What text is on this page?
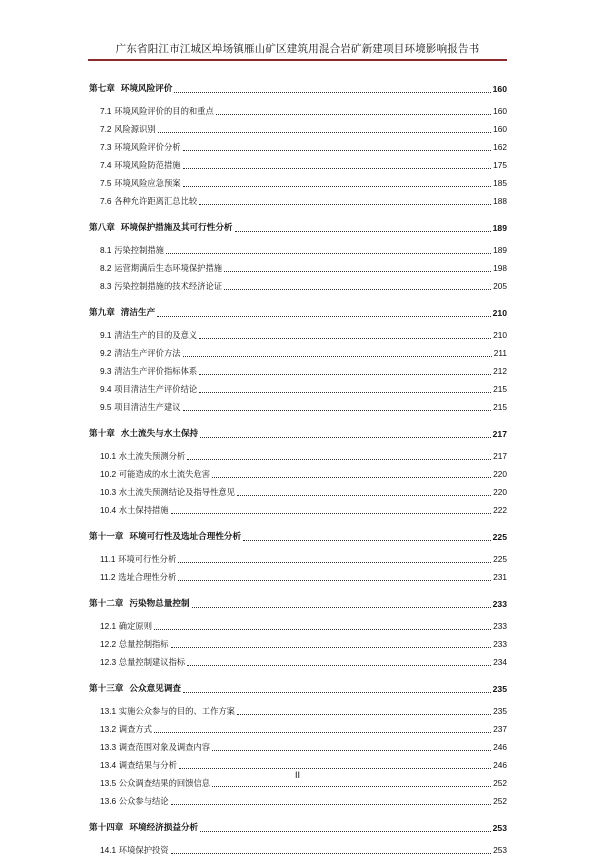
广东省阳江市江城区埠场镇雁山矿区建筑用混合岩矿新建项目环境影响报告书
第七章 环境风险评价	160
7.1 环境风险评价的目的和重点	160
7.2 风险源识别	160
7.3 环境风险评价分析	162
7.4 环境风险防范措施	175
7.5 环境风险应急预案	185
7.6 各种允许距离汇总比较	188
第八章 环境保护措施及其可行性分析	189
8.1 污染控制措施	189
8.2 运营期满后生态环境保护措施	198
8.3 污染控制措施的技术经济论证	205
第九章 清洁生产	210
9.1 清洁生产的目的及意义	210
9.2 清洁生产评价方法	211
9.3 清洁生产评价指标体系	212
9.4 项目清洁生产评价结论	215
9.5 项目清洁生产建议	215
第十章 水土流失与水土保持	217
10.1 水土流失预测分析	217
10.2 可能造成的水土流失危害	220
10.3 水土流失预测结论及指导性意见	220
10.4 水土保持措施	222
第十一章 环境可行性及选址合理性分析	225
11.1 环境可行性分析	225
11.2 选址合理性分析	231
第十二章 污染物总量控制	233
12.1 确定原则	233
12.2 总量控制指标	233
12.3 总量控制建议指标	234
第十三章 公众意见调查	235
13.1 实施公众参与的目的、工作方案	235
13.2 调查方式	237
13.3 调查范围对象及调查内容	246
13.4 调查结果与分析	246
13.5 公众调查结果的回馈信息	252
13.6 公众参与结论	252
第十四章 环境经济损益分析	253
14.1 环境保护投资	253
II
